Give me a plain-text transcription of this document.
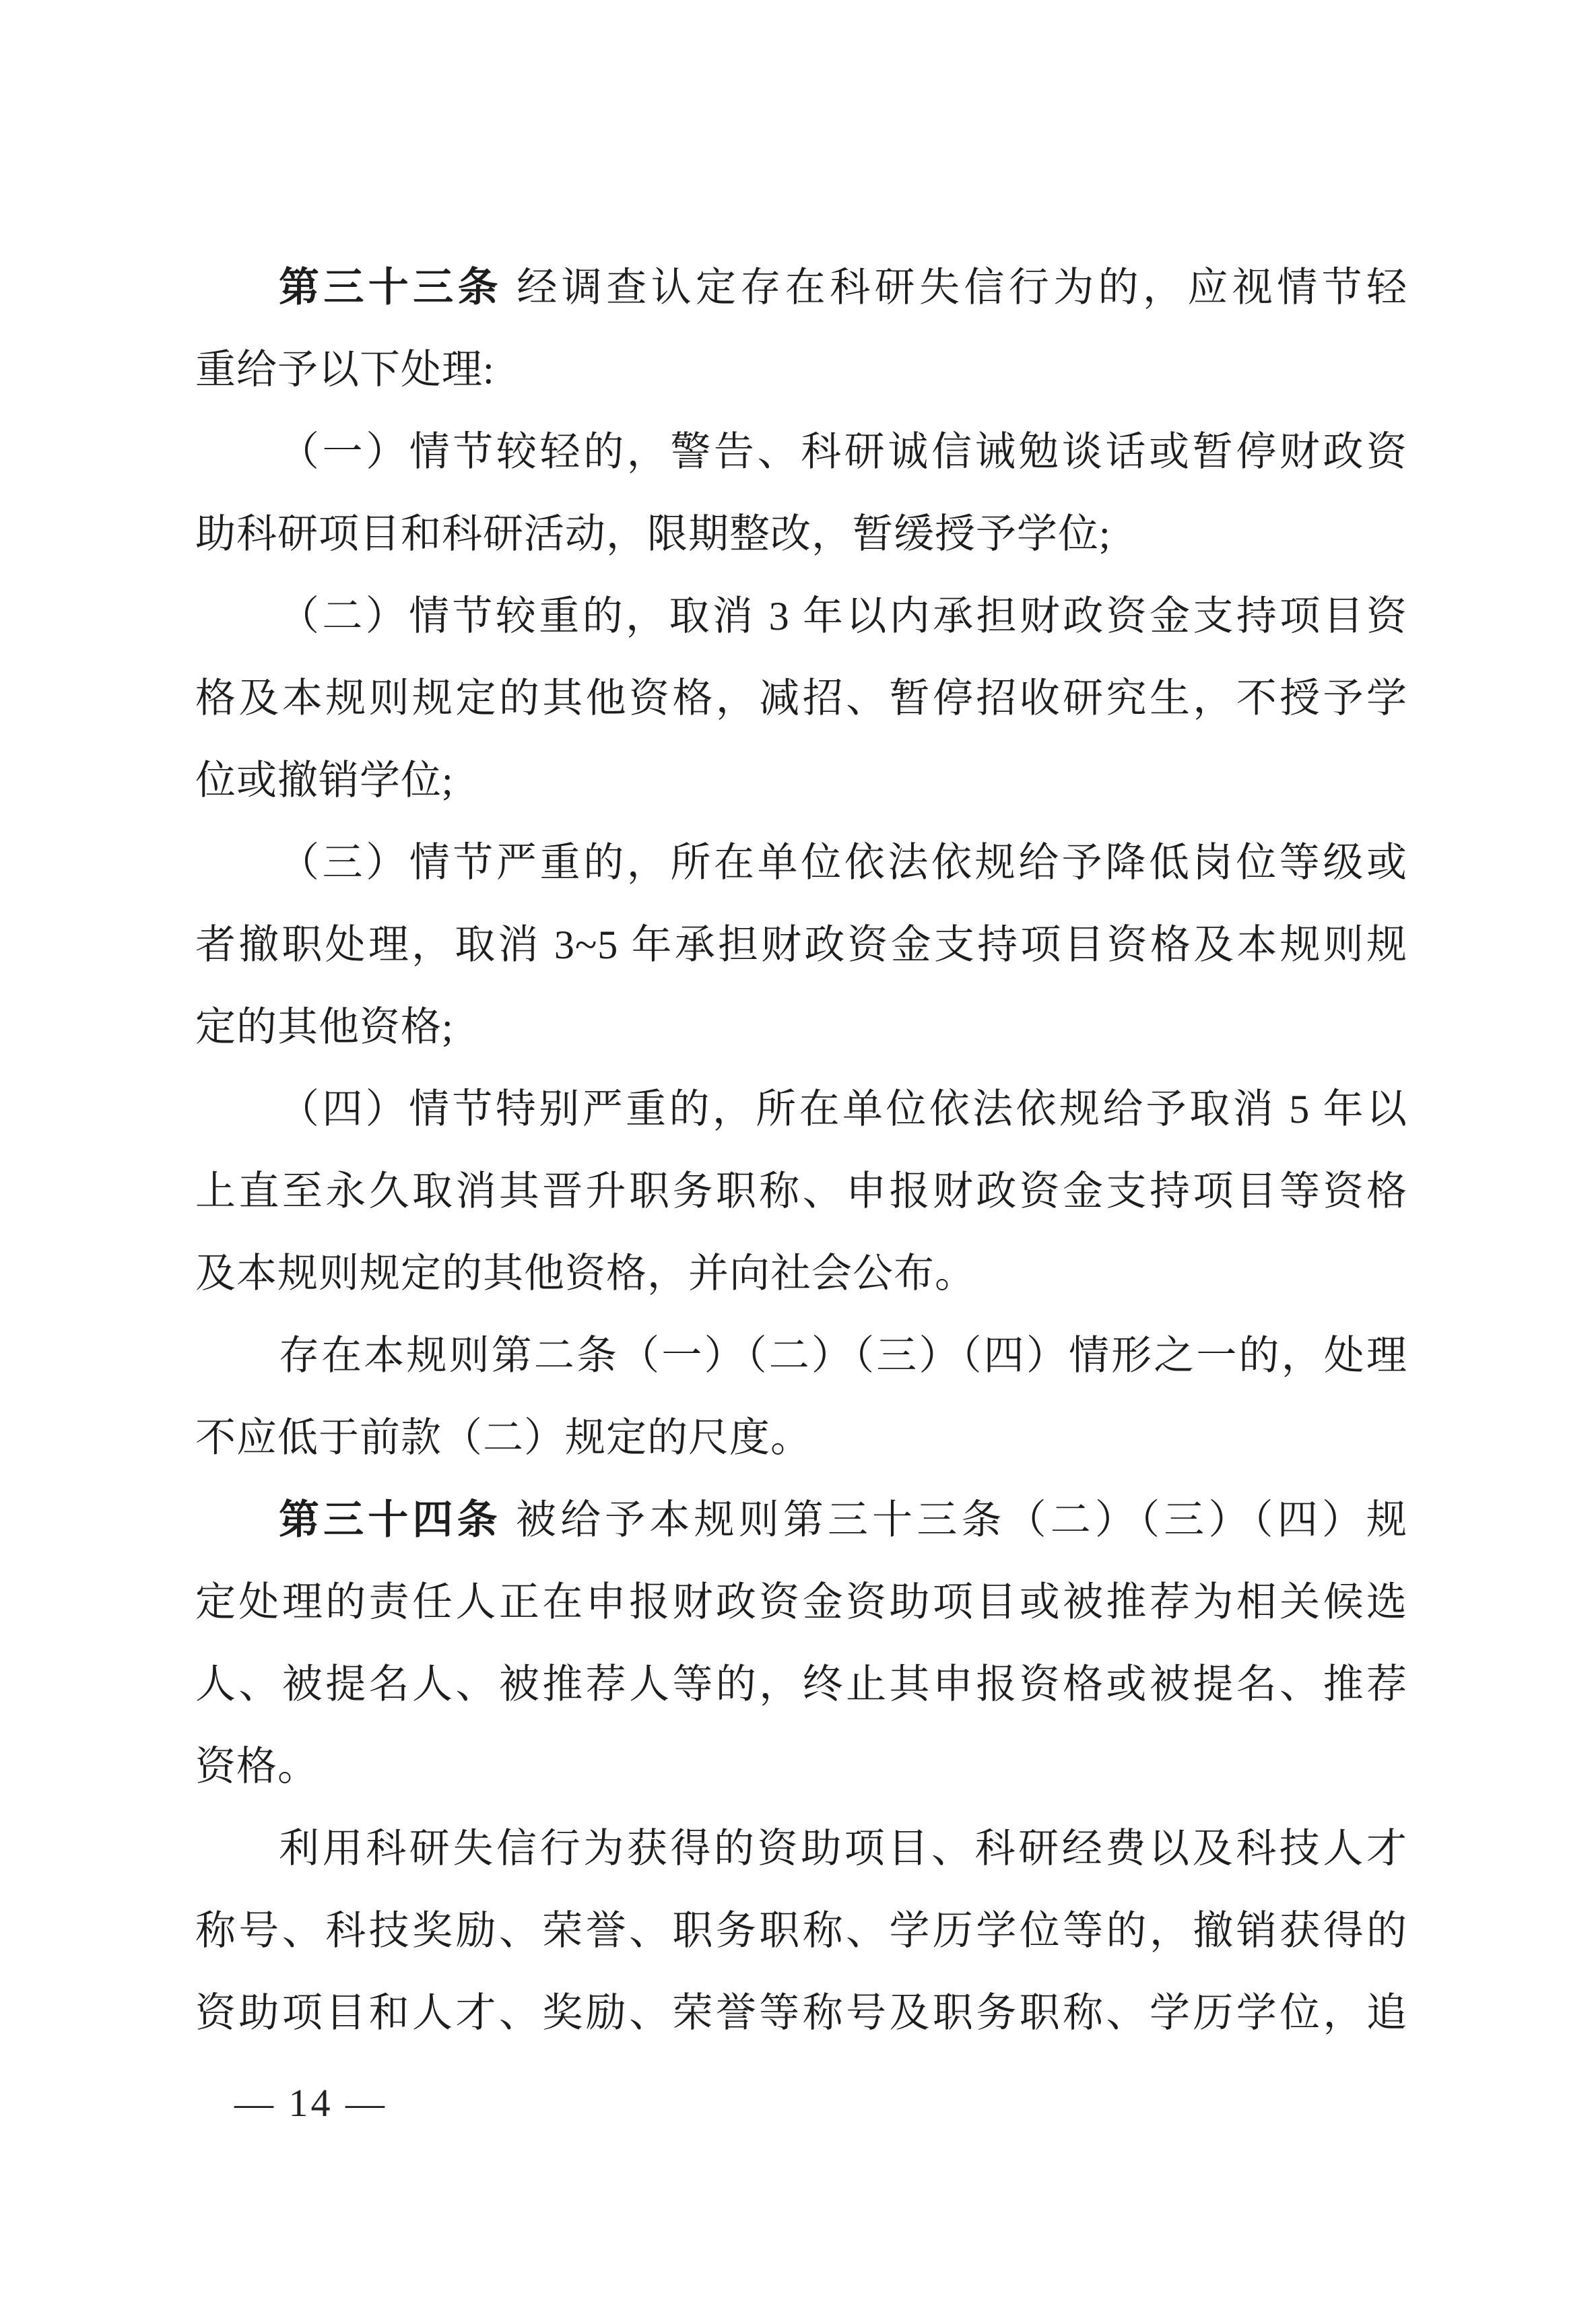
第三十三条 经调查认定存在科研失信行为的，应视情节轻
重给予以下处理:
（一）情节较轻的，警告、科研诚信诫勉谈话或暂停财政资
助科研项目和科研活动，限期整改，暂缓授予学位;
（二）情节较重的，取消 3 年以内承担财政资金支持项目资
格及本规则规定的其他资格，减招、暂停招收研究生，不授予学
位或撤销学位;
（三）情节严重的，所在单位依法依规给予降低岗位等级或
者撤职处理，取消 3~5 年承担财政资金支持项目资格及本规则规
定的其他资格;
（四）情节特别严重的，所在单位依法依规给予取消 5 年以
上直至永久取消其晋升职务职称、申报财政资金支持项目等资格
及本规则规定的其他资格，并向社会公布。
存在本规则第二条（一）（二）（三）（四）情形之一的，处理
不应低于前款（二）规定的尺度。
第三十四条 被给予本规则第三十三条（二）（三）（四）规
定处理的责任人正在申报财政资金资助项目或被推荐为相关候选
人、被提名人、被推荐人等的，终止其申报资格或被提名、推荐
资格。
利用科研失信行为获得的资助项目、科研经费以及科技人才
称号、科技奖励、荣誉、职务职称、学历学位等的，撤销获得的
资助项目和人才、奖励、荣誉等称号及职务职称、学历学位，追
— 14 —
